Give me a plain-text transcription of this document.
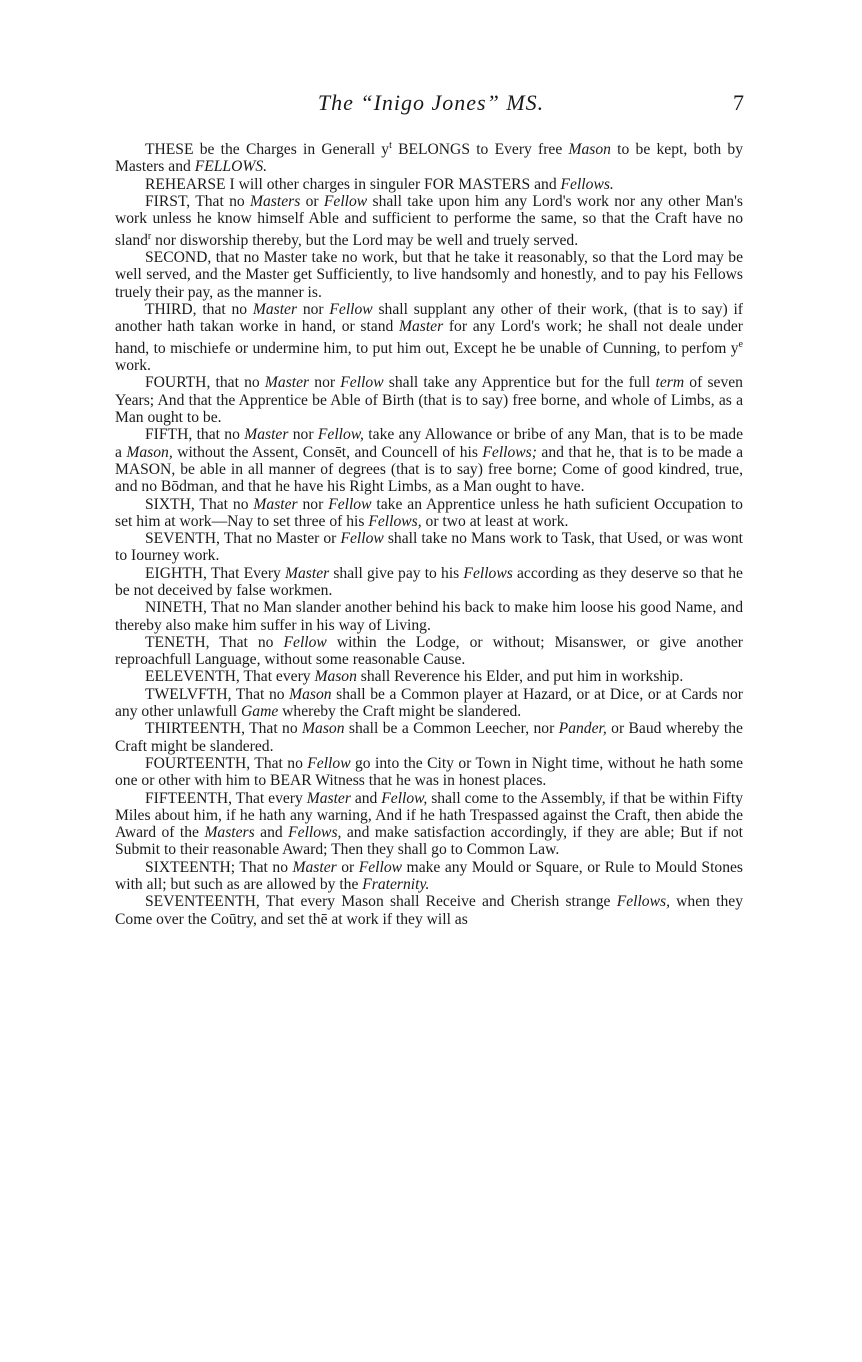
The “Inigo Jones” MS.	7

THESE be the Charges in Generall $y^t$ BELONGS to Every free Mason to be kept, both by Masters and FELLOWS.

REHEARSE I will other charges in singuler FOR MASTERS and Fellows.

FIRST, That no Masters or Fellow shall take upon him any Lord's work nor any other Man's work unless he know himself Able and sufficient to performe the same, so that the Craft have no sland$^r$ nor disworship thereby, but the Lord may be well and truely served.

SECOND, that no Master take no work, but that he take it reasonably, so that the Lord may be well served, and the Master get Sufficiently, to live handsomly and honestly, and to pay his Fellows truely their pay, as the manner is.

THIRD, that no Master nor Fellow shall supplant any other of their work, (that is to say) if another hath takan worke in hand, or stand Master for any Lord's work; he shall not deale under hand, to mischiefe or undermine him, to put him out, Except he be unable of Cunning, to perfom $y^e$ work.

FOURTH, that no Master nor Fellow shall take any Apprentice but for the full term of seven Years; And that the Apprentice be Able of Birth (that is to say) free borne, and whole of Limbs, as a Man ought to be.

FIFTH, that no Master nor Fellow, take any Allowance or bribe of any Man, that is to be made a Mason, without the Assent, Consēt, and Councell of his Fellows; and that he, that is to be made a MASON, be able in all manner of degrees (that is to say) free borne; Come of good kindred, true, and no Bōdman, and that he have his Right Limbs, as a Man ought to have.

SIXTH, That no Master nor Fellow take an Apprentice unless he hath suficient Occupation to set him at work—Nay to set three of his Fellows, or two at least at work.

SEVENTH, That no Master or Fellow shall take no Mans work to Task, that Used, or was wont to Iourney work.

EIGHTH, That Every Master shall give pay to his Fellows according as they deserve so that he be not deceived by false workmen.

NINETH, That no Man slander another behind his back to make him loose his good Name, and thereby also make him suffer in his way of Living.

TENETH, That no Fellow within the Lodge, or without; Misanswer, or give another reproachfull Language, without some reasonable Cause.

EELEVENTH, That every Mason shall Reverence his Elder, and put him in workship.

TWELVFTH, That no Mason shall be a Common player at Hazard, or at Dice, or at Cards nor any other unlawfull Game whereby the Craft might be slandered.

THIRTEENTH, That no Mason shall be a Common Leecher, nor Pander, or Baud whereby the Craft might be slandered.

FOURTEENTH, That no Fellow go into the City or Town in Night time, without he hath some one or other with him to BEAR Witness that he was in honest places.

FIFTEENTH, That every Master and Fellow, shall come to the Assembly, if that be within Fifty Miles about him, if he hath any warning, And if he hath Trespassed against the Craft, then abide the Award of the Masters and Fellows, and make satisfaction accordingly, if they are able; But if not Submit to their reasonable Award; Then they shall go to Common Law.

SIXTEENTH; That no Master or Fellow make any Mould or Square, or Rule to Mould Stones with all; but such as are allowed by the Fraternity.

SEVENTEENTH, That every Mason shall Receive and Cherish strange Fellows, when they Come over the Coūtry, and set thē at work if they will as
